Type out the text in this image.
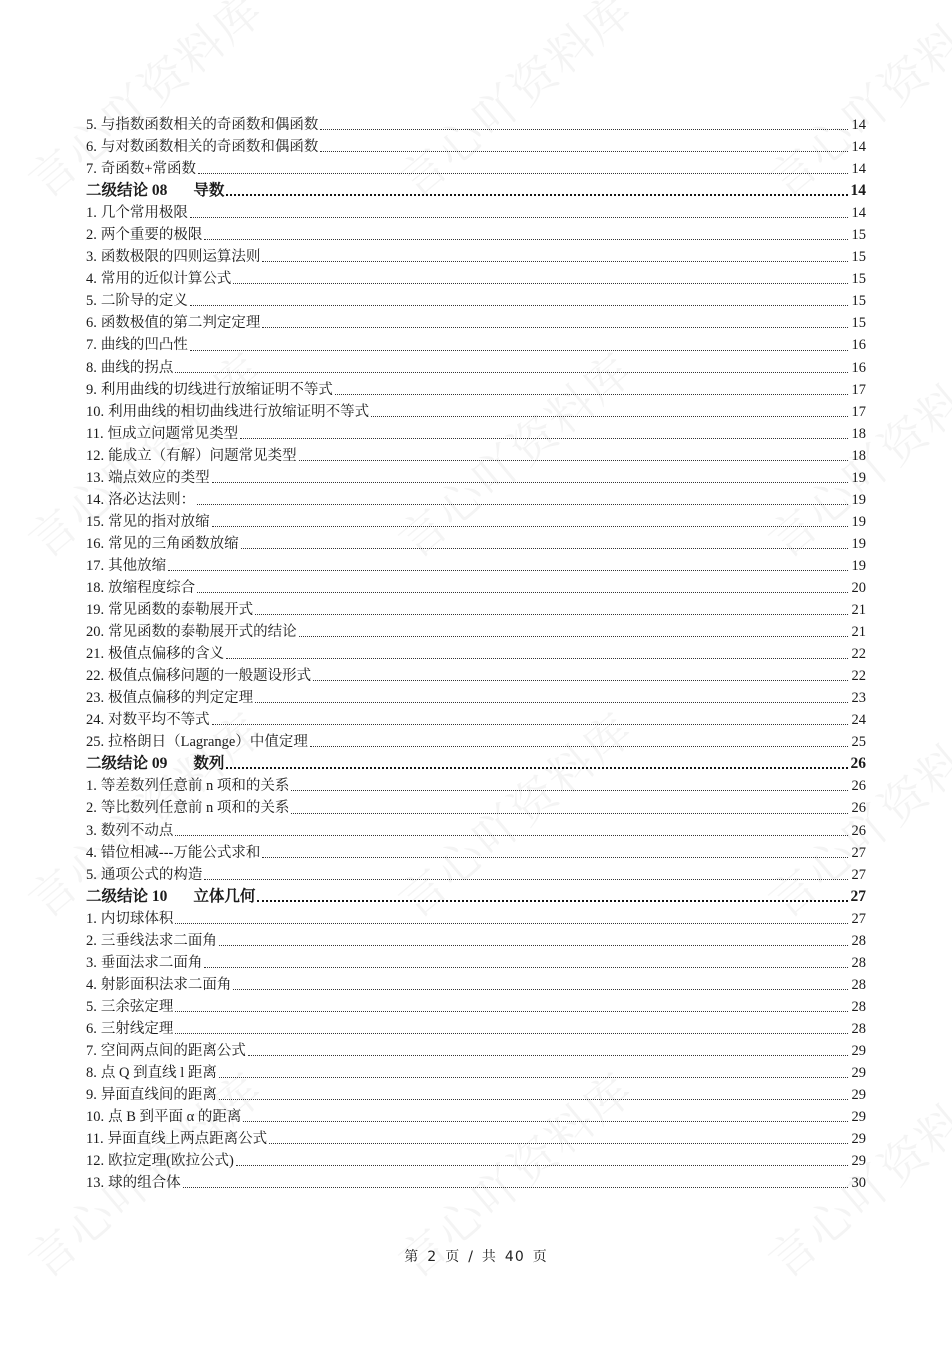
5. 与指数函数相关的奇函数和偶函数	14
6. 与对数函数相关的奇函数和偶函数	14
7. 奇函数+常函数	14
二级结论 08 导数	14
1. 几个常用极限	14
2. 两个重要的极限	15
3. 函数极限的四则运算法则	15
4. 常用的近似计算公式	15
5. 二阶导的定义	15
6. 函数极值的第二判定定理	15
7. 曲线的凹凸性	16
8. 曲线的拐点	16
9. 利用曲线的切线进行放缩证明不等式	17
10. 利用曲线的相切曲线进行放缩证明不等式	17
11. 恒成立问题常见类型	18
12. 能成立（有解）问题常见类型	18
13. 端点效应的类型	19
14. 洛必达法则：	19
15. 常见的指对放缩	19
16. 常见的三角函数放缩	19
17. 其他放缩	19
18. 放缩程度综合	20
19. 常见函数的泰勒展开式	21
20. 常见函数的泰勒展开式的结论	21
21. 极值点偏移的含义	22
22. 极值点偏移问题的一般题设形式	22
23. 极值点偏移的判定定理	23
24. 对数平均不等式	24
25. 拉格朗日（Lagrange）中值定理	25
二级结论 09 数列	26
1. 等差数列任意前 n 项和的关系	26
2. 等比数列任意前 n 项和的关系	26
3. 数列不动点	26
4. 错位相减---万能公式求和	27
5. 通项公式的构造	27
二级结论 10 立体几何	27
1. 内切球体积	27
2. 三垂线法求二面角	28
3. 垂面法求二面角	28
4. 射影面积法求二面角	28
5. 三余弦定理	28
6. 三射线定理	28
7. 空间两点间的距离公式	29
8. 点 Q 到直线 l 距离	29
9. 异面直线间的距离	29
10. 点 B 到平面 α 的距离	29
11. 异面直线上两点距离公式	29
12. 欧拉定理(欧拉公式)	29
13. 球的组合体	30
第 2 页 / 共 40 页
